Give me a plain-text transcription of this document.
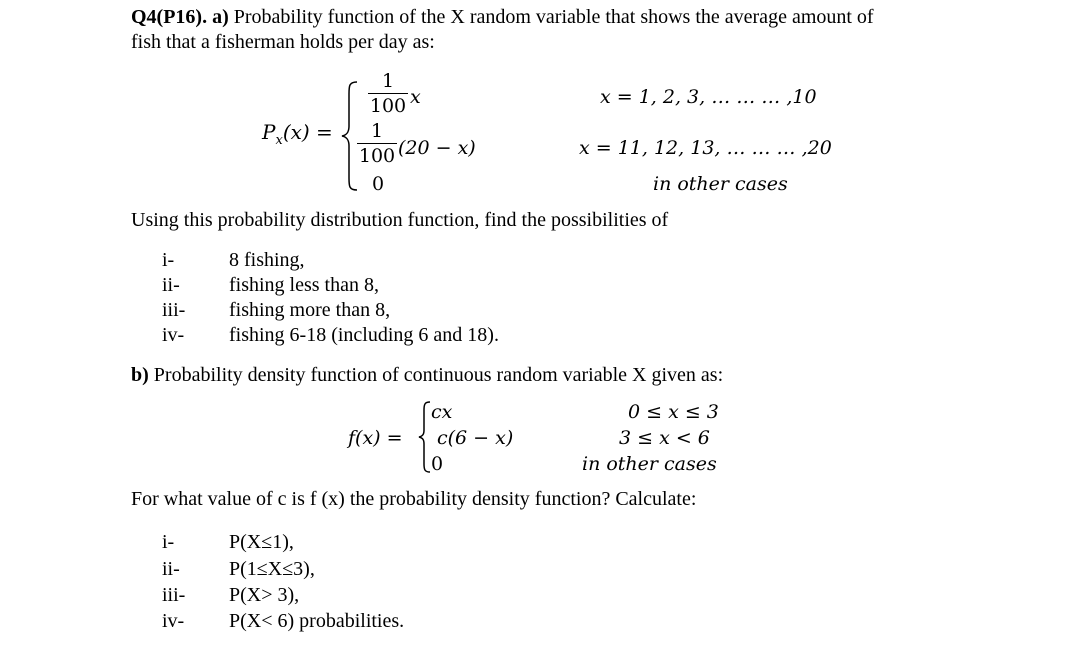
Q4(P16). a) Probability function of the X random variable that shows the average amount of
fish that a fisherman holds per day as:
$P_x(x)$ =
1
100 x	x = 1, 2, 3, … … … ,10
1
100 (20 − x)	x = 11, 12, 13, … … … ,20
0	in other cases
Using this probability distribution function, find the possibilities of
i-	8 fishing,
ii- fishing less than 8,
iii- fishing more than 8,
iv- fishing 6-18 (including 6 and 18).
b) Probability density function of continuous random variable X given as:
f(x) =
cx	0 ≤ x ≤ 3
c(6 − x)	3 ≤ x < 6
0	in other cases
For what value of c is f (x) the probability density function? Calculate:
i-	P(X≤1),
ii- P(1≤X≤3),
iii- P(X> 3),
iv- P(X< 6) probabilities.
